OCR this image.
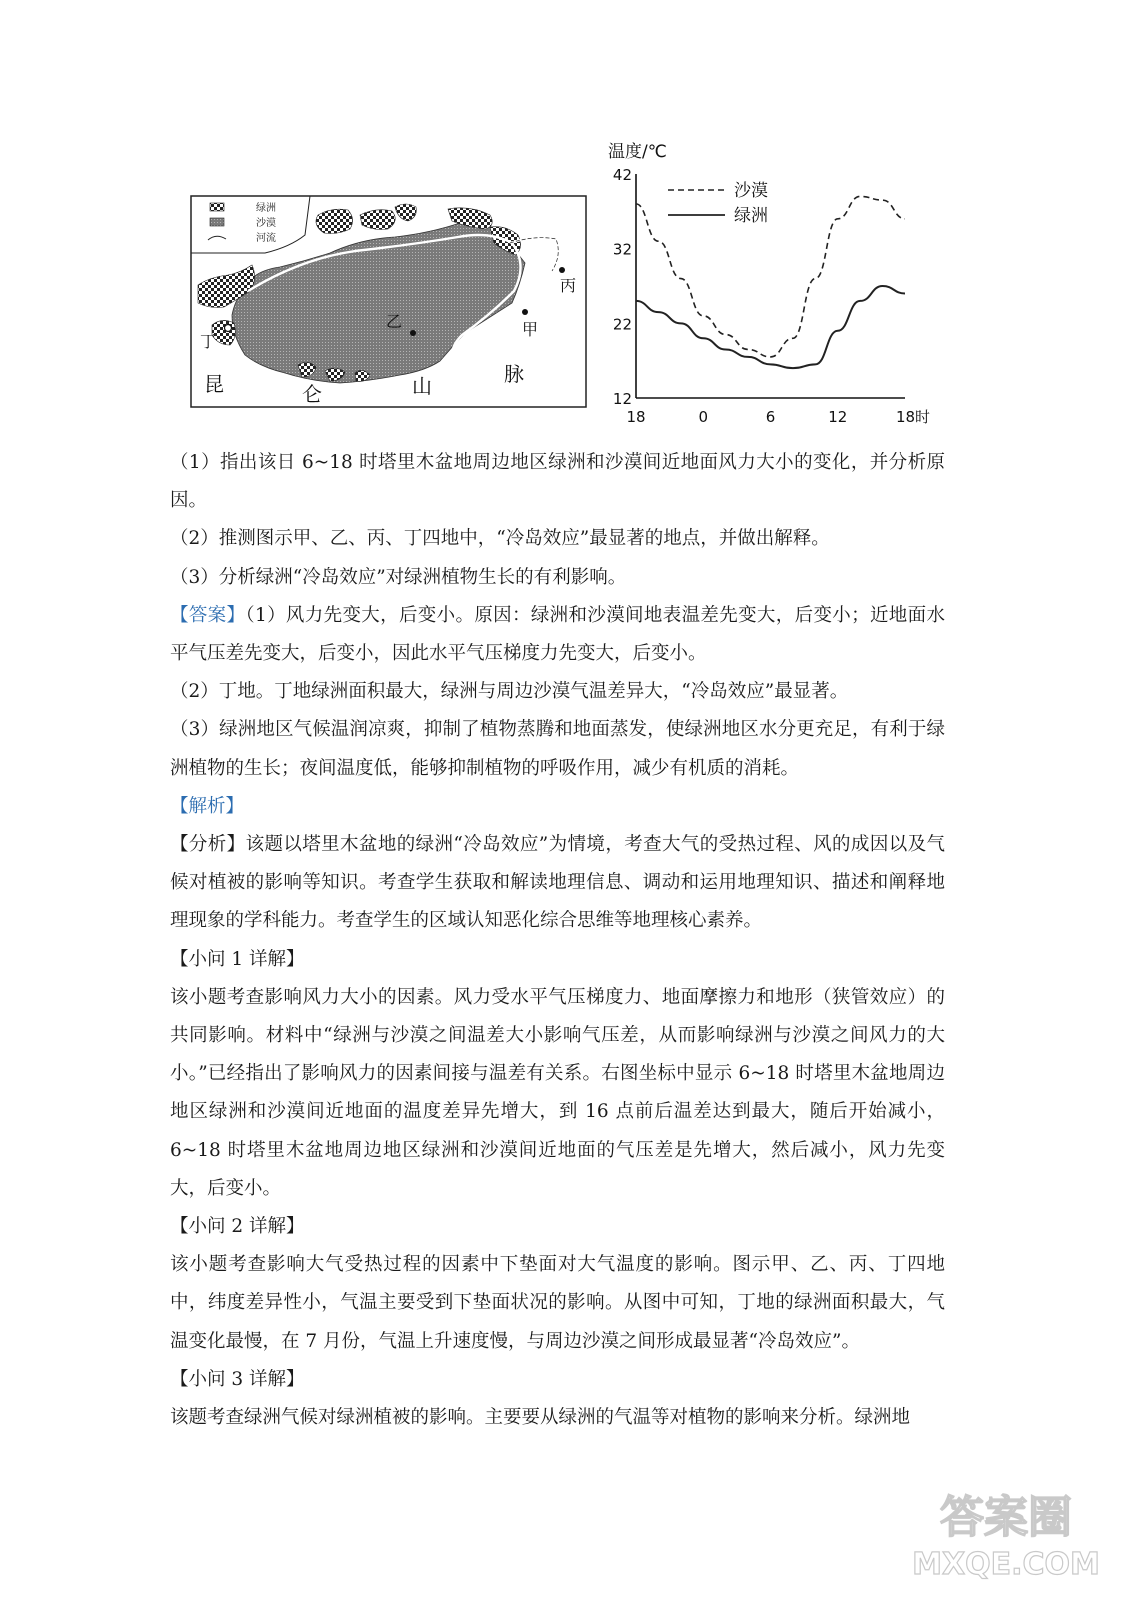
绿洲
沙漠
河流
甲
乙
丙
丁
昆	仑	山	脉
温度/℃
42
32
22
12
18	0	6	12	18时
沙漠
绿洲

（1）指出该日 6~18 时塔里木盆地周边地区绿洲和沙漠间近地面风力大小的变化，并分析原因。

（2）推测图示甲、乙、丙、丁四地中，“冷岛效应”最显著的地点，并做出解释。

（3）分析绿洲“冷岛效应”对绿洲植物生长的有利影响。

【答案】（1）风力先变大，后变小。原因：绿洲和沙漠间地表温差先变大，后变小；近地面水平气压差先变大，后变小，因此水平气压梯度力先变大，后变小。

（2）丁地。丁地绿洲面积最大，绿洲与周边沙漠气温差异大，“冷岛效应”最显著。

（3）绿洲地区气候温润凉爽，抑制了植物蒸腾和地面蒸发，使绿洲地区水分更充足，有利于绿洲植物的生长；夜间温度低，能够抑制植物的呼吸作用，减少有机质的消耗。

【解析】

【分析】该题以塔里木盆地的绿洲“冷岛效应”为情境，考查大气的受热过程、风的成因以及气候对植被的影响等知识。考查学生获取和解读地理信息、调动和运用地理知识、描述和阐释地理现象的学科能力。考查学生的区域认知恶化综合思维等地理核心素养。

【小问 1 详解】

该小题考查影响风力大小的因素。风力受水平气压梯度力、地面摩擦力和地形（狭管效应）的共同影响。材料中“绿洲与沙漠之间温差大小影响气压差，从而影响绿洲与沙漠之间风力的大小。”已经指出了影响风力的因素间接与温差有关系。右图坐标中显示 6~18 时塔里木盆地周边地区绿洲和沙漠间近地面的温度差异先增大，到 16 点前后温差达到最大，随后开始减小，6~18 时塔里木盆地周边地区绿洲和沙漠间近地面的气压差是先增大，然后减小，风力先变大，后变小。

【小问 2 详解】

该小题考查影响大气受热过程的因素中下垫面对大气温度的影响。图示甲、乙、丙、丁四地中，纬度差异性小，气温主要受到下垫面状况的影响。从图中可知，丁地的绿洲面积最大，气温变化最慢，在 7 月份，气温上升速度慢，与周边沙漠之间形成最显著“冷岛效应”。

【小问 3 详解】

该题考查绿洲气候对绿洲植被的影响。主要要从绿洲的气温等对植物的影响来分析。绿洲地

答案圈
MXQE.COM
